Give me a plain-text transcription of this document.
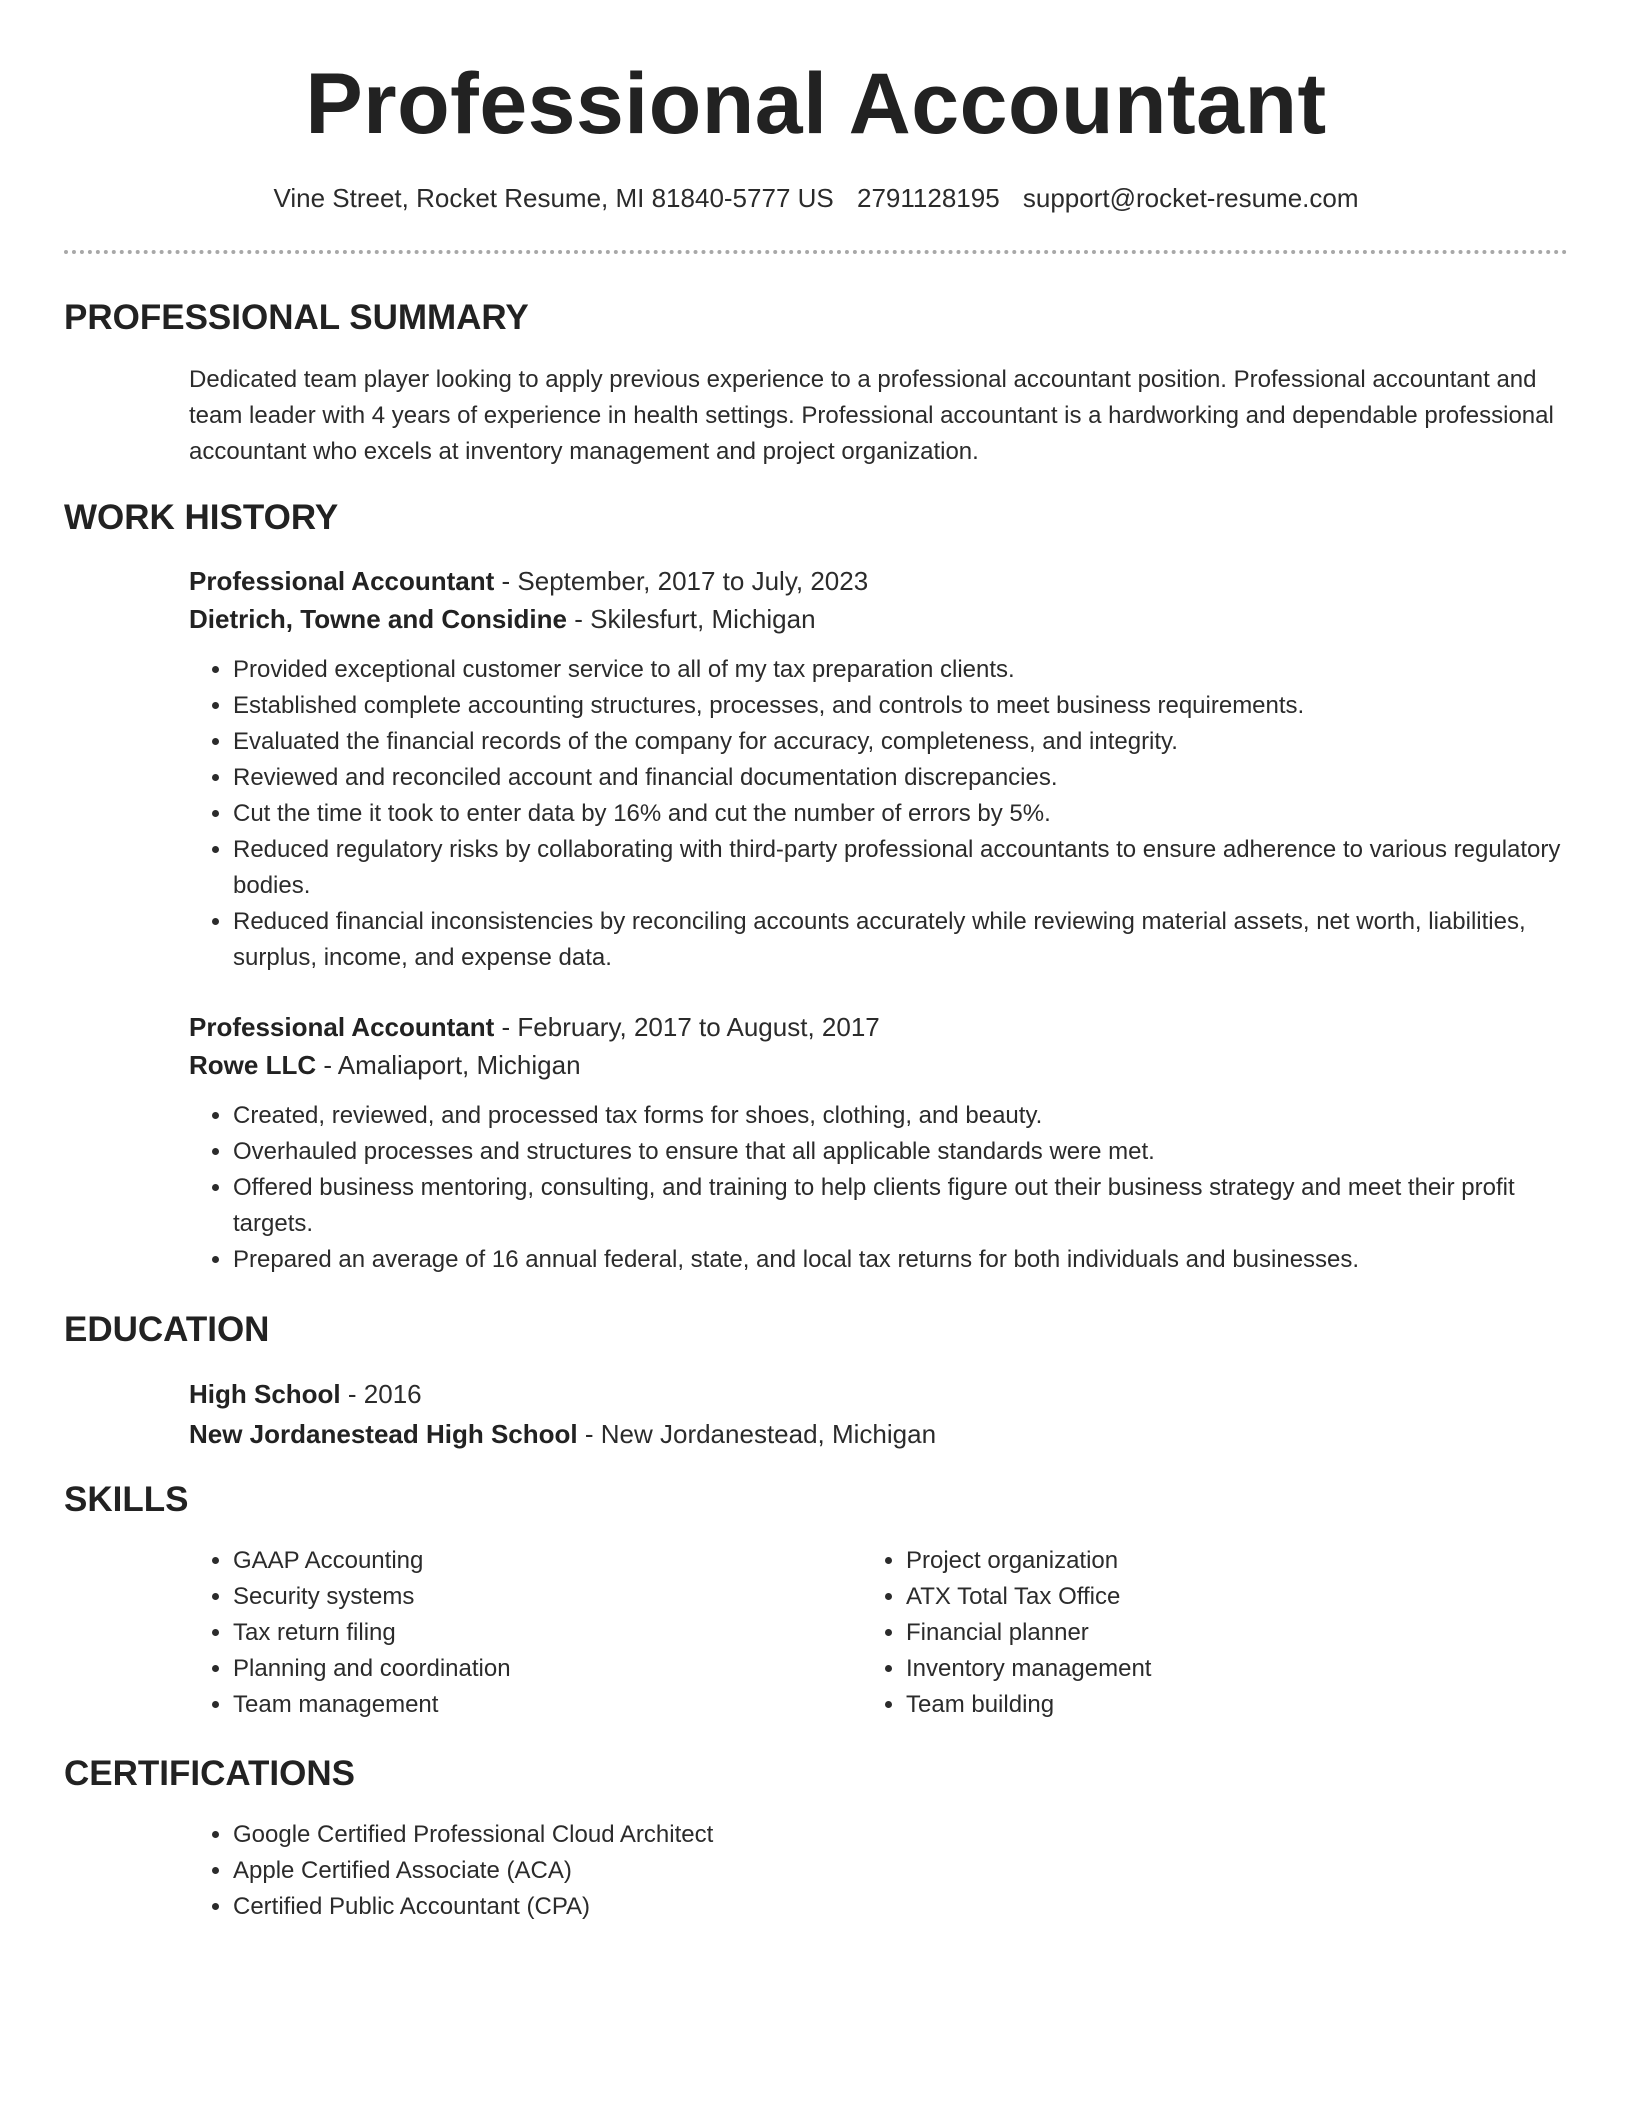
Professional Accountant
Vine Street, Rocket Resume, MI 81840-5777 US 2791128195 support@rocket-resume.com
PROFESSIONAL SUMMARY

Dedicated team player looking to apply previous experience to a professional accountant position. Professional accountant and team leader with 4 years of experience in health settings. Professional accountant is a hardworking and dependable professional accountant who excels at inventory management and project organization.

WORK HISTORY

Professional Accountant - September, 2017 to July, 2023

Dietrich, Towne and Considine - Skilesfurt, Michigan

• Provided exceptional customer service to all of my tax preparation clients.
• Established complete accounting structures, processes, and controls to meet business requirements.
• Evaluated the financial records of the company for accuracy, completeness, and integrity.
• Reviewed and reconciled account and financial documentation discrepancies.
• Cut the time it took to enter data by 16% and cut the number of errors by 5%.
• Reduced regulatory risks by collaborating with third-party professional accountants to ensure adherence to various regulatory bodies.
• Reduced financial inconsistencies by reconciling accounts accurately while reviewing material assets, net worth, liabilities, surplus, income, and expense data.

Professional Accountant - February, 2017 to August, 2017

Rowe LLC - Amaliaport, Michigan

• Created, reviewed, and processed tax forms for shoes, clothing, and beauty.
• Overhauled processes and structures to ensure that all applicable standards were met.
• Offered business mentoring, consulting, and training to help clients figure out their business strategy and meet their profit targets.
• Prepared an average of 16 annual federal, state, and local tax returns for both individuals and businesses.
EDUCATION

High School - 2016

New Jordanestead High School - New Jordanestead, Michigan

SKILLS
• GAAP Accounting
• Security systems
• Tax return filing
• Planning and coordination
• Team management
• Project organization
• ATX Total Tax Office
• Financial planner
• Inventory management
• Team building
CERTIFICATIONS
• Google Certified Professional Cloud Architect
• Apple Certified Associate (ACA)
• Certified Public Accountant (CPA)
